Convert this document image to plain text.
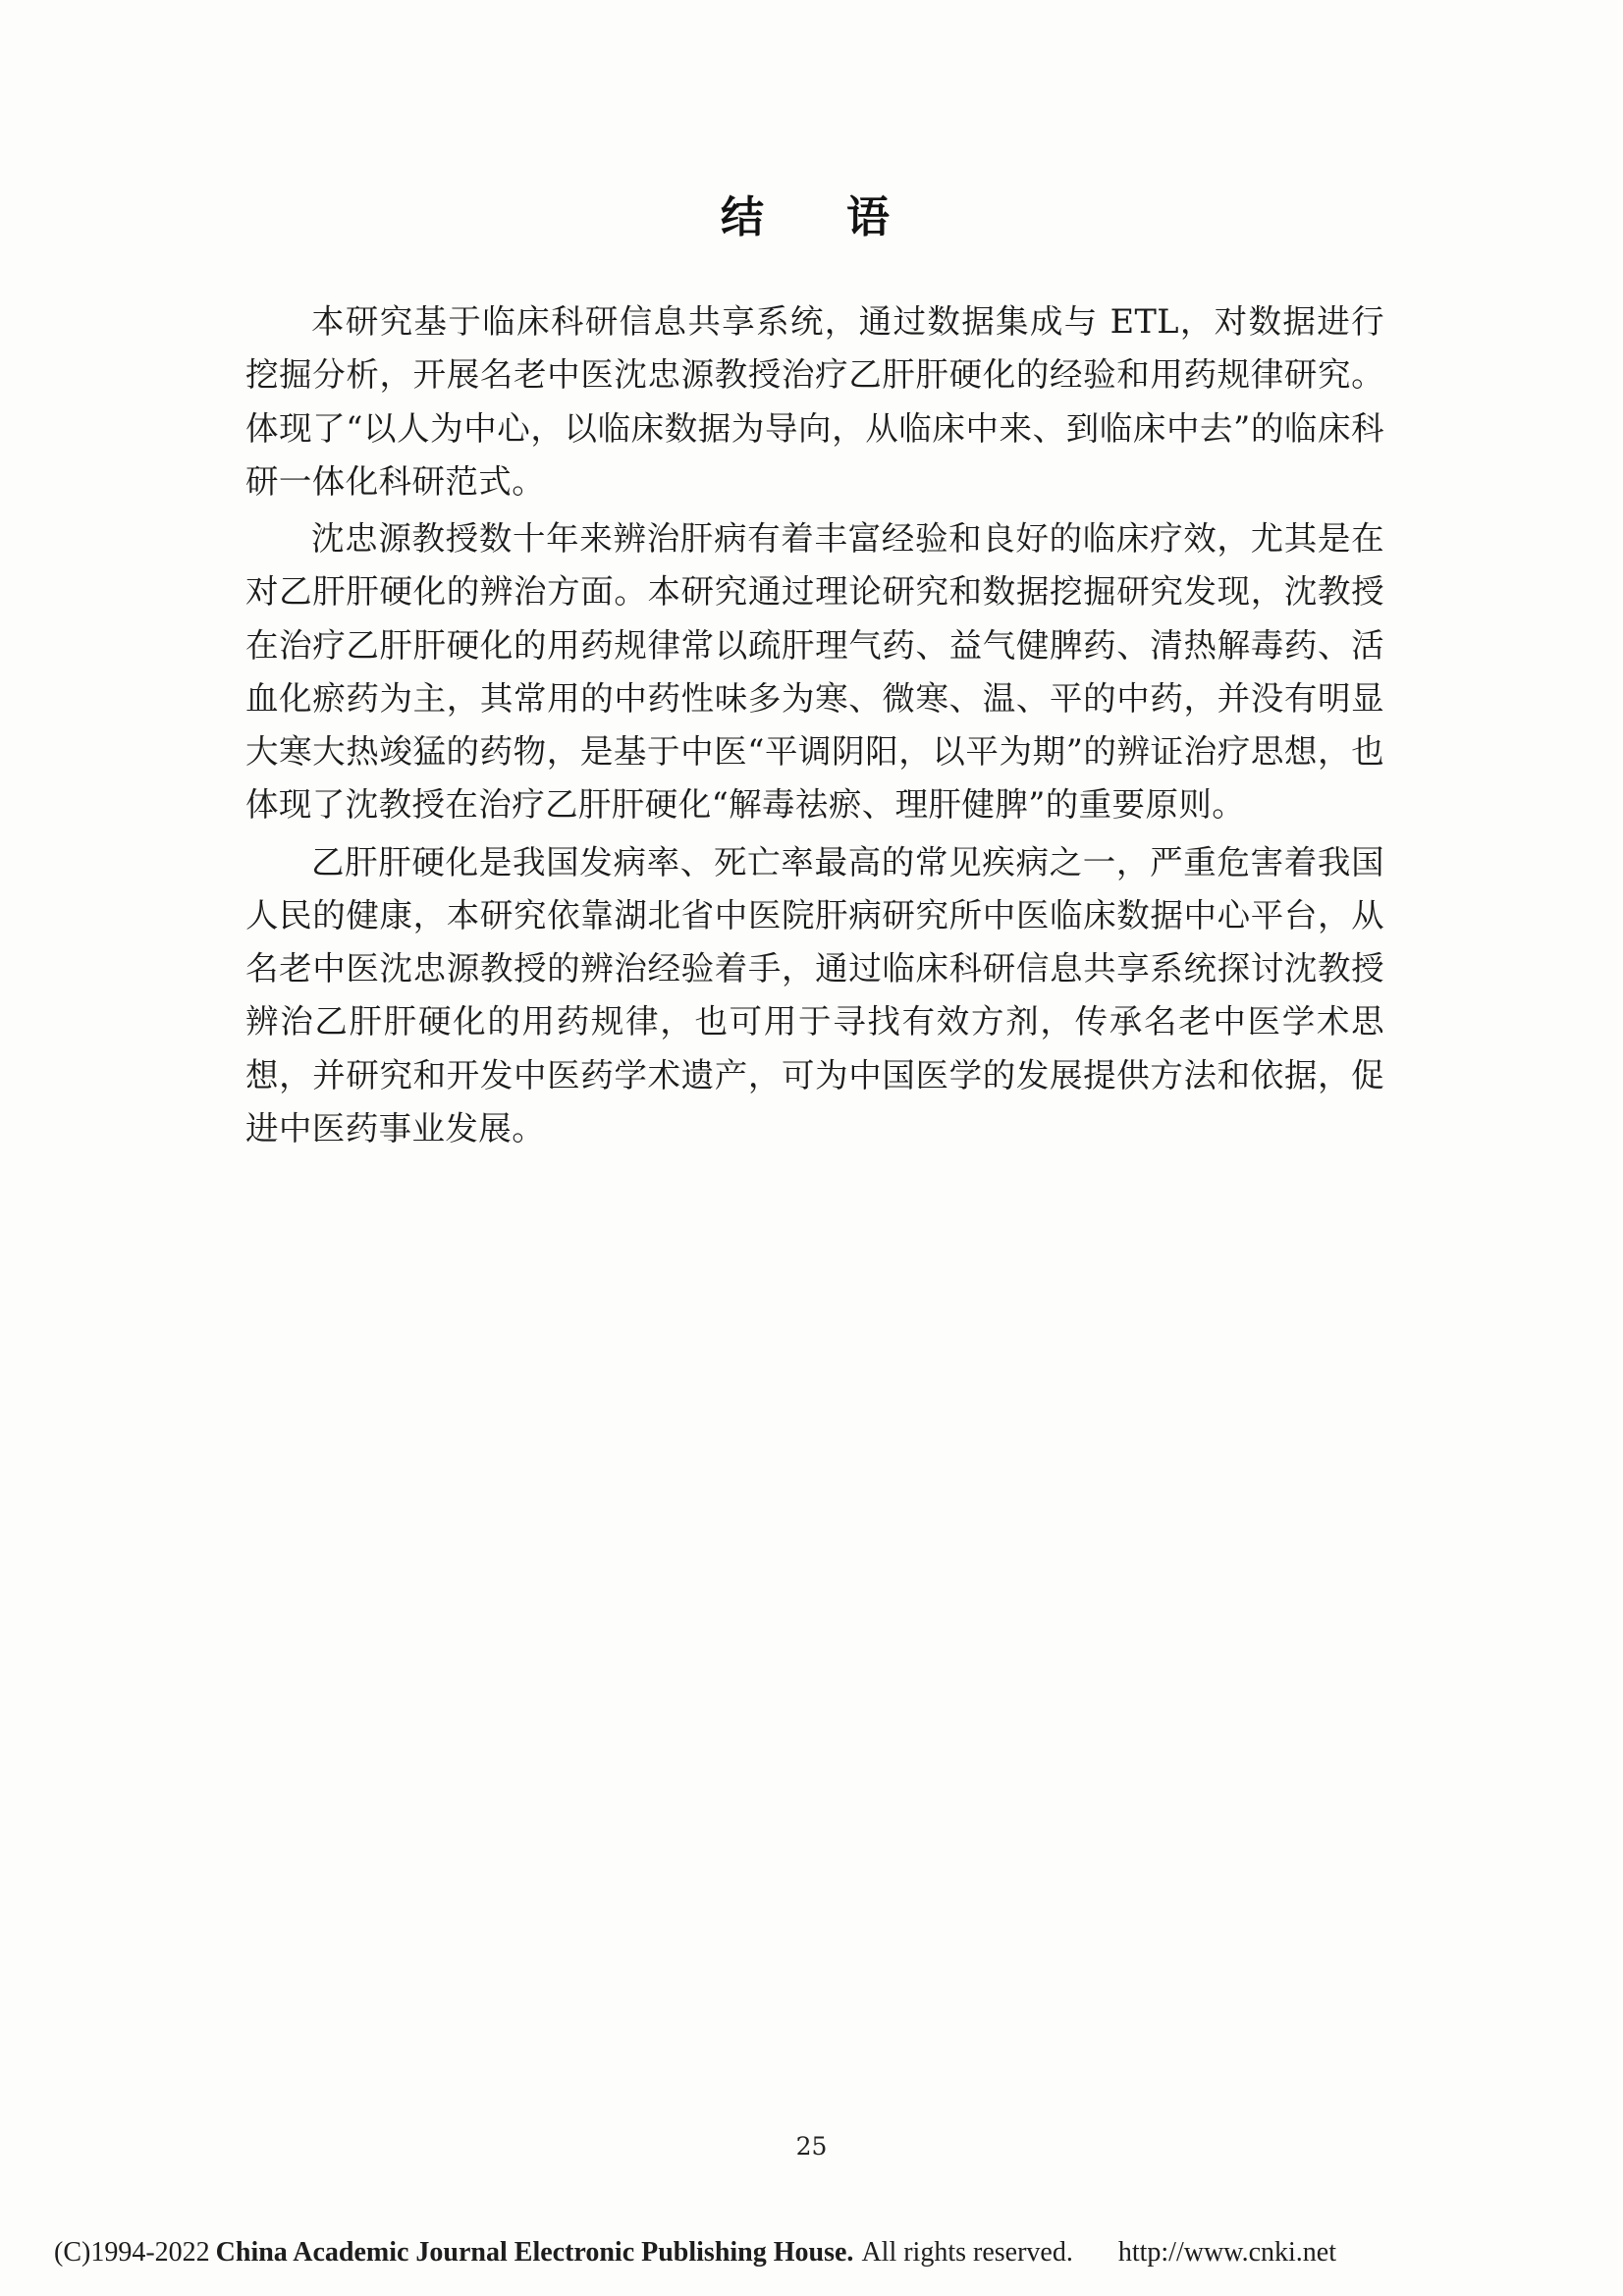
结　语

本研究基于临床科研信息共享系统，通过数据集成与 ETL，对数据进行挖掘分析，开展名老中医沈忠源教授治疗乙肝肝硬化的经验和用药规律研究。体现了“以人为中心，以临床数据为导向，从临床中来、到临床中去”的临床科研一体化科研范式。

沈忠源教授数十年来辨治肝病有着丰富经验和良好的临床疗效，尤其是在对乙肝肝硬化的辨治方面。本研究通过理论研究和数据挖掘研究发现，沈教授在治疗乙肝肝硬化的用药规律常以疏肝理气药、益气健脾药、清热解毒药、活血化瘀药为主，其常用的中药性味多为寒、微寒、温、平的中药，并没有明显大寒大热竣猛的药物，是基于中医“平调阴阳，以平为期”的辨证治疗思想，也体现了沈教授在治疗乙肝肝硬化“解毒祛瘀、理肝健脾”的重要原则。

乙肝肝硬化是我国发病率、死亡率最高的常见疾病之一，严重危害着我国人民的健康，本研究依靠湖北省中医院肝病研究所中医临床数据中心平台，从名老中医沈忠源教授的辨治经验着手，通过临床科研信息共享系统探讨沈教授辨治乙肝肝硬化的用药规律，也可用于寻找有效方剂，传承名老中医学术思想，并研究和开发中医药学术遗产，可为中国医学的发展提供方法和依据，促进中医药事业发展。

25
(C)1994-2022 China Academic Journal Electronic Publishing House. All rights reserved. http://www.cnki.net
